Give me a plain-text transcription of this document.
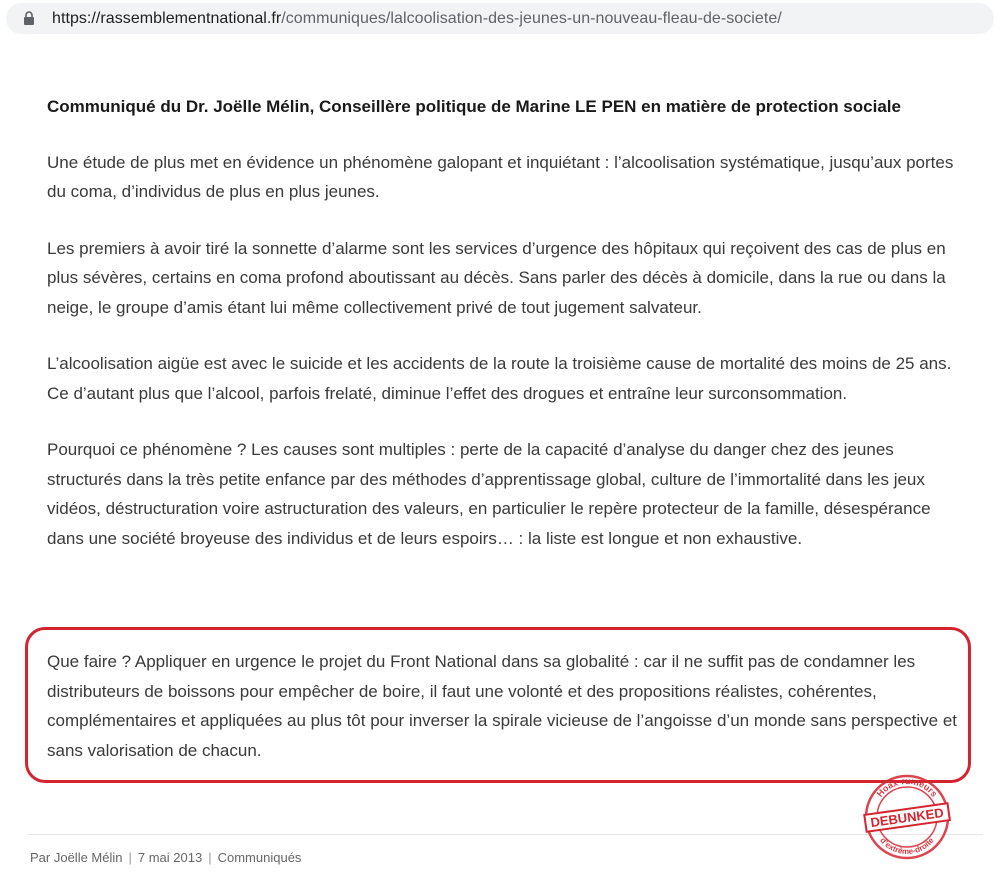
https://rassemblementnational.fr/communiques/lalcoolisation-des-jeunes-un-nouveau-fleau-de-societe/

Communiqué du Dr. Joëlle Mélin, Conseillère politique de Marine LE PEN en matière de protection sociale

Une étude de plus met en évidence un phénomène galopant et inquiétant : l’alcoolisation systématique, jusqu’aux portes du coma, d’individus de plus en plus jeunes.

Les premiers à avoir tiré la sonnette d’alarme sont les services d’urgence des hôpitaux qui reçoivent des cas de plus en plus sévères, certains en coma profond aboutissant au décès. Sans parler des décès à domicile, dans la rue ou dans la neige, le groupe d’amis étant lui même collectivement privé de tout jugement salvateur.

L’alcoolisation aigüe est avec le suicide et les accidents de la route la troisième cause de mortalité des moins de 25 ans. Ce d’autant plus que l’alcool, parfois frelaté, diminue l’effet des drogues et entraîne leur surconsommation.

Pourquoi ce phénomène ? Les causes sont multiples : perte de la capacité d’analyse du danger chez des jeunes structurés dans la très petite enfance par des méthodes d’apprentissage global, culture de l’immortalité dans les jeux vidéos, déstructuration voire astructuration des valeurs, en particulier le repère protecteur de la famille, désespérance dans une société broyeuse des individus et de leurs espoirs… : la liste est longue et non exhaustive.

Que faire ? Appliquer en urgence le projet du Front National dans sa globalité : car il ne suffit pas de condamner les distributeurs de boissons pour empêcher de boire, il faut une volonté et des propositions réalistes, cohérentes, complémentaires et appliquées au plus tôt pour inverser la spirale vicieuse de l’angoisse d’un monde sans perspective et sans valorisation de chacun.

Par Joëlle Mélin | 7 mai 2013 | Communiqués
Hoax·rumeurs
DEBUNKED
d’extrême-droite
